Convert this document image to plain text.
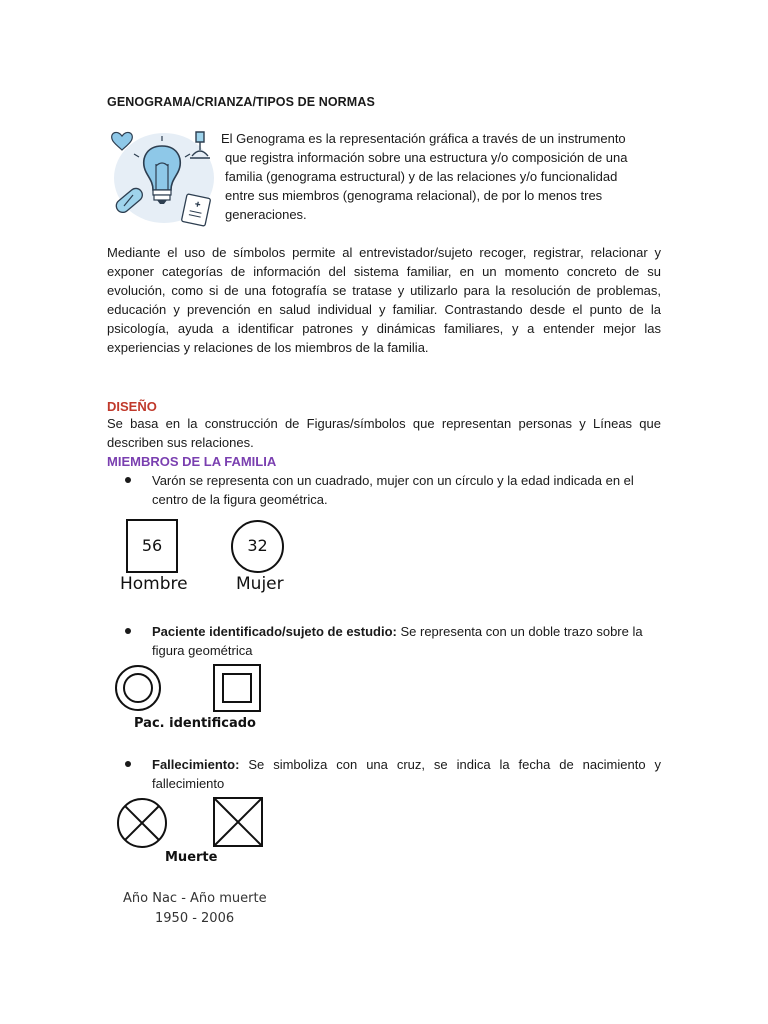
GENOGRAMA/CRIANZA/TIPOS DE NORMAS
El Genograma es la representación gráfica a través de un instrumento
que registra información sobre una estructura y/o composición de una
familia (genograma estructural) y de las relaciones y/o funcionalidad
entre sus miembros (genograma relacional), de por lo menos tres
generaciones.
Mediante el uso de símbolos permite al entrevistador/sujeto recoger, registrar, relacionar y exponer categorías de información del sistema familiar, en un momento concreto de su evolución, como si de una fotografía se tratase y utilizarlo para la resolución de problemas, educación y prevención en salud individual y familiar. Contrastando desde el punto de la psicología, ayuda a identificar patrones y dinámicas familiares, y a entender mejor las experiencias y relaciones de los miembros de la familia.
DISEÑO
Se basa en la construcción de Figuras/símbolos que representan personas y Líneas que describen sus relaciones.
MIEMBROS DE LA FAMILIA
Varón se representa con un cuadrado, mujer con un círculo y la edad indicada en el centro de la figura geométrica.
56
Hombre
32
Mujer
Paciente identificado/sujeto de estudio: Se representa con un doble trazo sobre la figura geométrica
Pac. identificado
Fallecimiento: Se simboliza con una cruz, se indica la fecha de nacimiento y fallecimiento
Muerte
Año Nac - Año muerte
1950 - 2006
